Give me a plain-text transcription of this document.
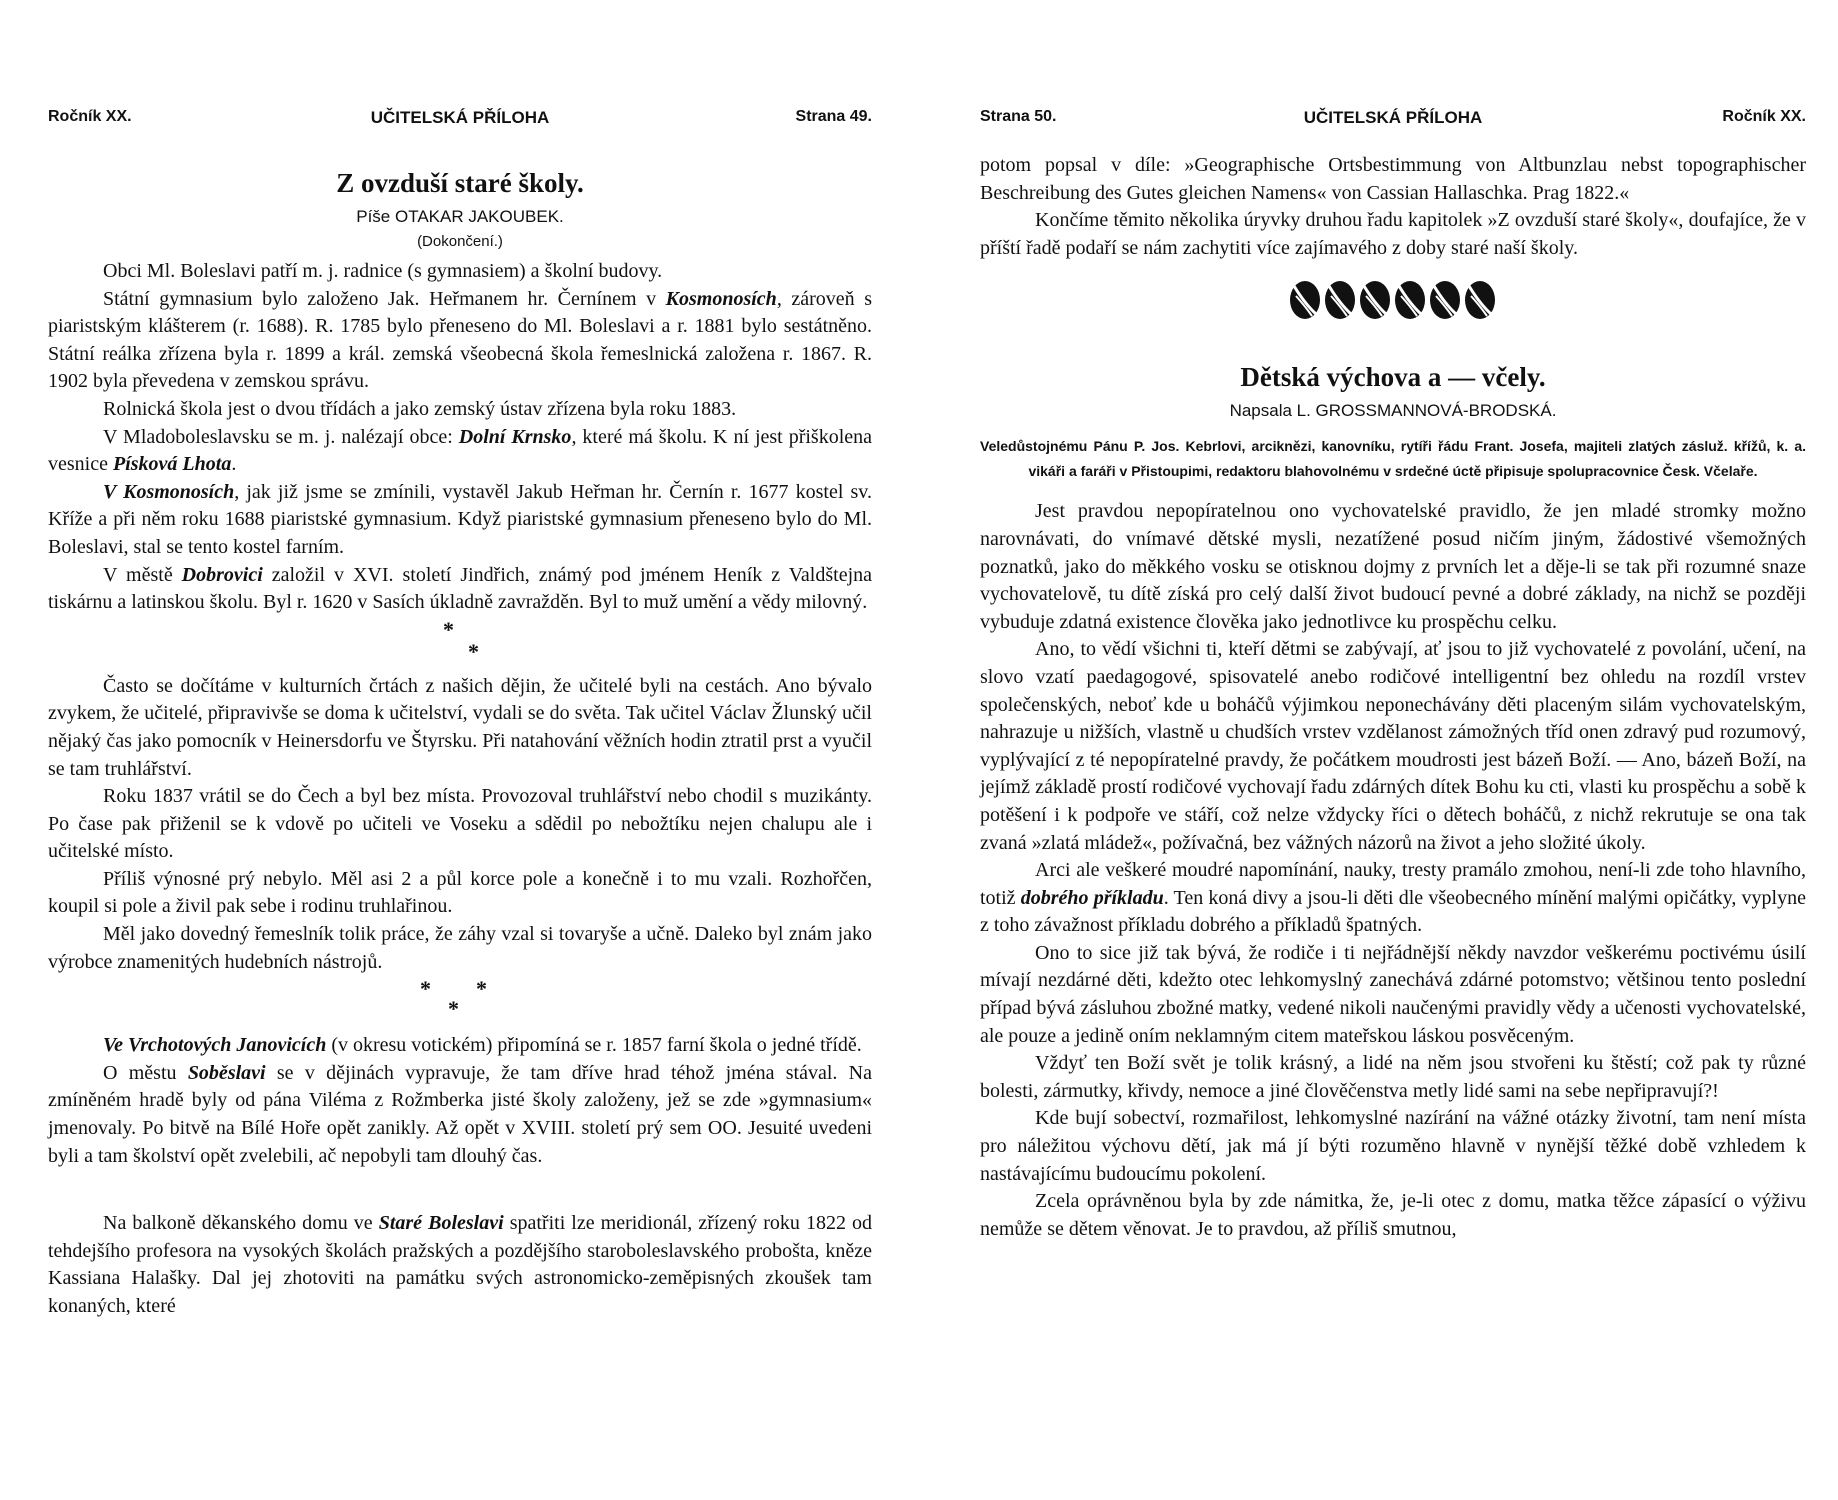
Ročník XX.	UČITELSKÁ PŘÍLOHA	Strana 49.
Z ovzduší staré školy.

Píše OTAKAR JAKOUBEK.

(Dokončení.)

Obci Ml. Boleslavi patří m. j. radnice (s gymnasiem) a školní budovy.

Státní gymnasium bylo založeno Jak. Heřmanem hr. Černínem v Kosmonosích, zároveň s piaristským klášterem (r. 1688). R. 1785 bylo přeneseno do Ml. Boleslavi a r. 1881 bylo sestátněno. Státní reálka zřízena byla r. 1899 a král. zemská všeobecná škola řemeslnická založena r. 1867. R. 1902 byla převedena v zemskou správu.

Rolnická škola jest o dvou třídách a jako zemský ústav zřízena byla roku 1883.

V Mladoboleslavsku se m. j. nalézají obce: Dolní Krnsko, které má školu. K ní jest přiškolena vesnice Písková Lhota.

V Kosmonosích, jak již jsme se zmínili, vystavěl Jakub Heřman hr. Černín r. 1677 kostel sv. Kříže a při něm roku 1688 piaristské gymnasium. Když piaristské gymnasium přeneseno bylo do Ml. Boleslavi, stal se tento kostel farním.

V městě Dobrovici založil v XVI. století Jindřich, známý pod jménem Heník z Valdštejna tiskárnu a latinskou školu. Byl r. 1620 v Sasích úkladně zavražděn. Byl to muž umění a vědy milovný.

*
*

Často se dočítáme v kulturních črtách z našich dějin, že učitelé byli na cestách. Ano bývalo zvykem, že učitelé, připravivše se doma k učitelství, vydali se do světa. Tak učitel Václav Žlunský učil nějaký čas jako pomocník v Heinersdorfu ve Štyrsku. Při natahování věžních hodin ztratil prst a vyučil se tam truhlářství.

Roku 1837 vrátil se do Čech a byl bez místa. Provozoval truhlářství nebo chodil s muzikánty. Po čase pak přiženil se k vdově po učiteli ve Voseku a sdědil po nebožtíku nejen chalupu ale i učitelské místo.

Příliš výnosné prý nebylo. Měl asi 2 a půl korce pole a konečně i to mu vzali. Rozhořčen, koupil si pole a živil pak sebe i rodinu truhlařinou.

Měl jako dovedný řemeslník tolik práce, že záhy vzal si tovaryše a učně. Daleko byl znám jako výrobce znamenitých hudebních nástrojů.

*
*
*

Ve Vrchotových Janovicích (v okresu votickém) připomíná se r. 1857 farní škola o jedné třídě.

O městu Soběslavi se v dějinách vypravuje, že tam dříve hrad téhož jména stával. Na zmíněném hradě byly od pána Viléma z Rožmberka jisté školy založeny, jež se zde »gymnasium« jmenovaly. Po bitvě na Bílé Hoře opět zanikly. Až opět v XVIII. století prý sem OO. Jesuité uvedeni byli a tam školství opět zvelebili, ač nepobyli tam dlouhý čas.

Na balkoně děkanského domu ve Staré Boleslavi spatřiti lze meridionál, zřízený roku 1822 od tehdejšího profesora na vysokých školách pražských a pozdějšího staroboleslavského probošta, kněze Kassiana Halašky. Dal jej zhotoviti na památku svých astronomicko-zeměpisných zkoušek tam konaných, které

Strana 50.	UČITELSKÁ PŘÍLOHA	Ročník XX.

potom popsal v díle: »Geographische Ortsbestimmung von Altbunzlau nebst topographischer Beschreibung des Gutes gleichen Namens« von Cassian Hallaschka. Prag 1822.«

Končíme těmito několika úryvky druhou řadu kapitolek »Z ovzduší staré školy«, doufajíce, že v příští řadě podaří se nám zachytiti více zajímavého z doby staré naší školy.

Dětská výchova a — včely.

Napsala L. GROSSMANNOVÁ-BRODSKÁ.

Veledůstojnému Pánu P. Jos. Kebrlovi, arciknězi, kanovníku, rytíři řádu Frant. Josefa, majiteli zlatých zásluž. křížů, k. a. vikáři a faráři v Přistoupimi, redaktoru blahovolnému v srdečné úctě připisuje spolupracovnice Česk. Včelaře.

Jest pravdou nepopíratelnou ono vychovatelské pravidlo, že jen mladé stromky možno narovnávati, do vnímavé dětské mysli, nezatížené posud ničím jiným, žádostivé všemožných poznatků, jako do měkkého vosku se otisknou dojmy z prvních let a děje-li se tak při rozumné snaze vychovatelově, tu dítě získá pro celý další život budoucí pevné a dobré základy, na nichž se později vybuduje zdatná existence člověka jako jednotlivce ku prospěchu celku.

Ano, to vědí všichni ti, kteří dětmi se zabývají, ať jsou to již vychovatelé z povolání, učení, na slovo vzatí paedagogové, spisovatelé anebo rodičové intelligentní bez ohledu na rozdíl vrstev společenských, neboť kde u boháčů výjimkou neponechávány děti placeným silám vychovatelským, nahrazuje u nižších, vlastně u chudších vrstev vzdělanost zámožných tříd onen zdravý pud rozumový, vyplývající z té nepopíratelné pravdy, že počátkem moudrosti jest bázeň Boží. — Ano, bázeň Boží, na jejímž základě prostí rodičové vychovají řadu zdárných dítek Bohu ku cti, vlasti ku prospěchu a sobě k potěšení i k podpoře ve stáří, což nelze vždycky říci o dětech boháčů, z nichž rekrutuje se ona tak zvaná »zlatá mládež«, požívačná, bez vážných názorů na život a jeho složité úkoly.

Arci ale veškeré moudré napomínání, nauky, tresty pramálo zmohou, není-li zde toho hlavního, totiž dobrého příkladu. Ten koná divy a jsou-li děti dle všeobecného mínění malými opičátky, vyplyne z toho závažnost příkladu dobrého a příkladů špatných.

Ono to sice již tak bývá, že rodiče i ti nejřádnější někdy navzdor veškerému poctivému úsilí mívají nezdárné děti, kdežto otec lehkomyslný zanechává zdárné potomstvo; většinou tento poslední případ bývá zásluhou zbožné matky, vedené nikoli naučenými pravidly vědy a učenosti vychovatelské, ale pouze a jedině oním neklamným citem mateřskou láskou posvěceným.

Vždyť ten Boží svět je tolik krásný, a lidé na něm jsou stvořeni ku štěstí; což pak ty různé bolesti, zármutky, křivdy, nemoce a jiné člověčenstva metly lidé sami na sebe nepřipravují?!

Kde bují sobectví, rozmařilost, lehkomyslné nazírání na vážné otázky životní, tam není místa pro náležitou výchovu dětí, jak má jí býti rozuměno hlavně v nynější těžké době vzhledem k nastávajícímu budoucímu pokolení.

Zcela oprávněnou byla by zde námitka, že, je-li otec z domu, matka těžce zápasící o výživu nemůže se dětem věnovat. Je to pravdou, až příliš smutnou,
